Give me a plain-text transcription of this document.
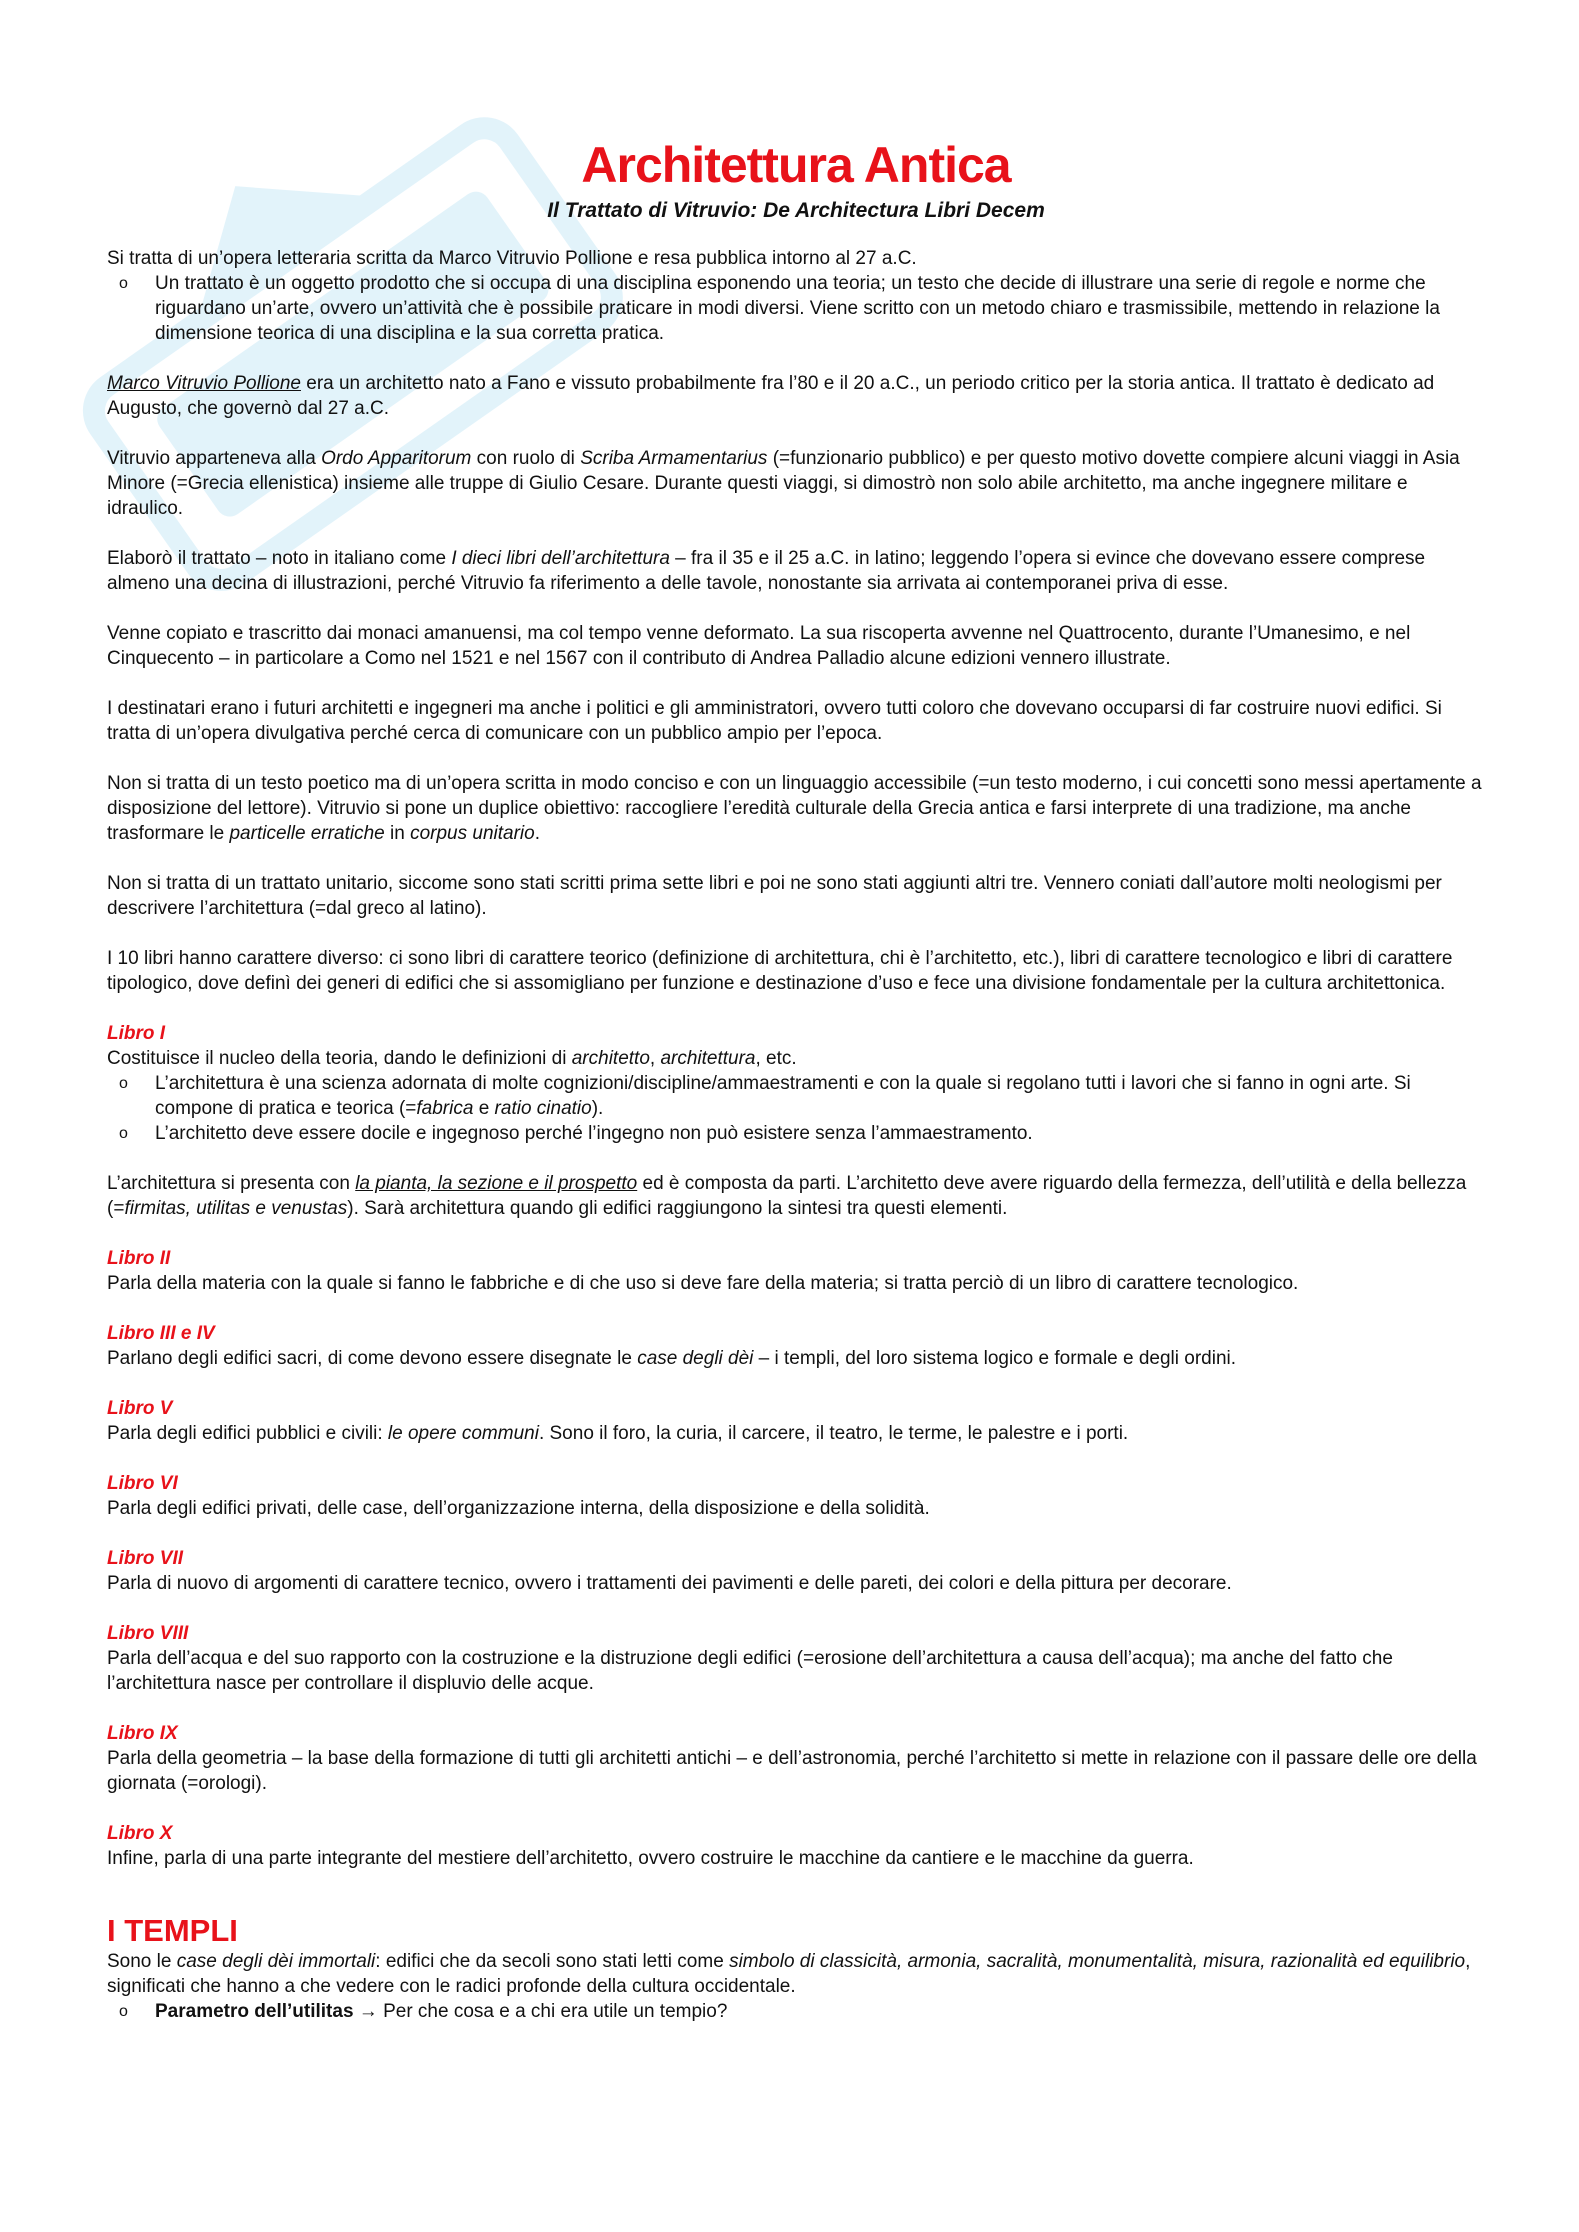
Architettura Antica
Il Trattato di Vitruvio: De Architectura Libri Decem

Si tratta di un’opera letteraria scritta da Marco Vitruvio Pollione e resa pubblica intorno al 27 a.C.

o Un trattato è un oggetto prodotto che si occupa di una disciplina esponendo una teoria; un testo che decide di illustrare una serie di regole e norme che riguardano un’arte, ovvero un’attività che è possibile praticare in modi diversi. Viene scritto con un metodo chiaro e trasmissibile, mettendo in relazione la dimensione teorica di una disciplina e la sua corretta pratica.

Marco Vitruvio Pollione era un architetto nato a Fano e vissuto probabilmente fra l’80 e il 20 a.C., un periodo critico per la storia antica. Il trattato è dedicato ad Augusto, che governò dal 27 a.C.

Vitruvio apparteneva alla Ordo Apparitorum con ruolo di Scriba Armamentarius (=funzionario pubblico) e per questo motivo dovette compiere alcuni viaggi in Asia Minore (=Grecia ellenistica) insieme alle truppe di Giulio Cesare. Durante questi viaggi, si dimostrò non solo abile architetto, ma anche ingegnere militare e idraulico.

Elaborò il trattato – noto in italiano come I dieci libri dell’architettura – fra il 35 e il 25 a.C. in latino; leggendo l’opera si evince che dovevano essere comprese almeno una decina di illustrazioni, perché Vitruvio fa riferimento a delle tavole, nonostante sia arrivata ai contemporanei priva di esse.

Venne copiato e trascritto dai monaci amanuensi, ma col tempo venne deformato. La sua riscoperta avvenne nel Quattrocento, durante l’Umanesimo, e nel Cinquecento – in particolare a Como nel 1521 e nel 1567 con il contributo di Andrea Palladio alcune edizioni vennero illustrate.

I destinatari erano i futuri architetti e ingegneri ma anche i politici e gli amministratori, ovvero tutti coloro che dovevano occuparsi di far costruire nuovi edifici. Si tratta di un’opera divulgativa perché cerca di comunicare con un pubblico ampio per l’epoca.

Non si tratta di un testo poetico ma di un’opera scritta in modo conciso e con un linguaggio accessibile (=un testo moderno, i cui concetti sono messi apertamente a disposizione del lettore). Vitruvio si pone un duplice obiettivo: raccogliere l’eredità culturale della Grecia antica e farsi interprete di una tradizione, ma anche trasformare le particelle erratiche in corpus unitario.

Non si tratta di un trattato unitario, siccome sono stati scritti prima sette libri e poi ne sono stati aggiunti altri tre. Vennero coniati dall’autore molti neologismi per descrivere l’architettura (=dal greco al latino).

I 10 libri hanno carattere diverso: ci sono libri di carattere teorico (definizione di architettura, chi è l’architetto, etc.), libri di carattere tecnologico e libri di carattere tipologico, dove definì dei generi di edifici che si assomigliano per funzione e destinazione d’uso e fece una divisione fondamentale per la cultura architettonica.

Libro I

Costituisce il nucleo della teoria, dando le definizioni di architetto, architettura, etc.

o L’architettura è una scienza adornata di molte cognizioni/discipline/ammaestramenti e con la quale si regolano tutti i lavori che si fanno in ogni arte. Si compone di pratica e teorica (=fabrica e ratio cinatio).
o L’architetto deve essere docile e ingegnoso perché l’ingegno non può esistere senza l’ammaestramento.

L’architettura si presenta con la pianta, la sezione e il prospetto ed è composta da parti. L’architetto deve avere riguardo della fermezza, dell’utilità e della bellezza (=firmitas, utilitas e venustas). Sarà architettura quando gli edifici raggiungono la sintesi tra questi elementi.

Libro II

Parla della materia con la quale si fanno le fabbriche e di che uso si deve fare della materia; si tratta perciò di un libro di carattere tecnologico.

Libro III e IV

Parlano degli edifici sacri, di come devono essere disegnate le case degli dèi – i templi, del loro sistema logico e formale e degli ordini.

Libro V

Parla degli edifici pubblici e civili: le opere communi. Sono il foro, la curia, il carcere, il teatro, le terme, le palestre e i porti.

Libro VI

Parla degli edifici privati, delle case, dell’organizzazione interna, della disposizione e della solidità.

Libro VII

Parla di nuovo di argomenti di carattere tecnico, ovvero i trattamenti dei pavimenti e delle pareti, dei colori e della pittura per decorare.

Libro VIII

Parla dell’acqua e del suo rapporto con la costruzione e la distruzione degli edifici (=erosione dell’architettura a causa dell’acqua); ma anche del fatto che l’architettura nasce per controllare il displuvio delle acque.

Libro IX

Parla della geometria – la base della formazione di tutti gli architetti antichi – e dell’astronomia, perché l’architetto si mette in relazione con il passare delle ore della giornata (=orologi).

Libro X

Infine, parla di una parte integrante del mestiere dell’architetto, ovvero costruire le macchine da cantiere e le macchine da guerra.

I TEMPLI

Sono le case degli dèi immortali: edifici che da secoli sono stati letti come simbolo di classicità, armonia, sacralità, monumentalità, misura, razionalità ed equilibrio, significati che hanno a che vedere con le radici profonde della cultura occidentale.

o Parametro dell’utilitas → Per che cosa e a chi era utile un tempio?
